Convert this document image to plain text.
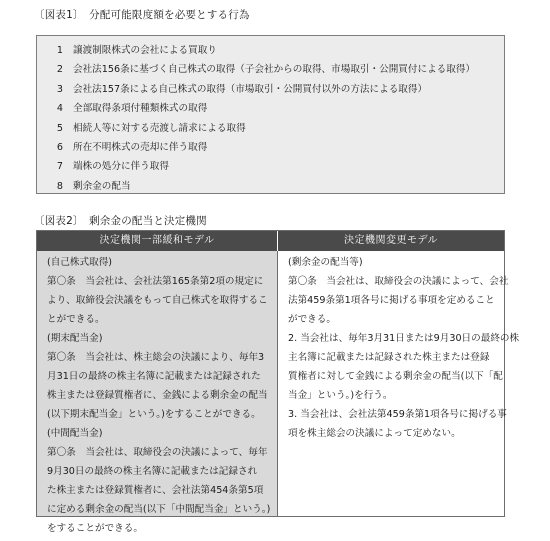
〔図表1〕　分配可能限度額を必要とする行為
1 譲渡制限株式の会社による買取り
2 会社法156条に基づく自己株式の取得（子会社からの取得、市場取引・公開買付による取得）
3 会社法157条による自己株式の取得（市場取引・公開買付以外の方法による取得）
4 全部取得条項付種類株式の取得
5 相続人等に対する売渡し請求による取得
6 所在不明株式の売却に伴う取得
7 端株の処分に伴う取得
8 剰余金の配当
〔図表2〕　剰余金の配当と決定機関
決定機関一部緩和モデル	決定機関変更モデル
(自己株式取得)
第〇条　当会社は、会社法第165条第2項の規定に
より、取締役会決議をもって自己株式を取得するこ
とができる。
(期末配当金)
第〇条　当会社は、株主総会の決議により、毎年3
月31日の最終の株主名簿に記載または記録された
株主または登録質権者に、金銭による剰余金の配当
(以下期末配当金」という。)をすることができる。
(中間配当金)
第〇条　当会社は、取締役会の決議によって、毎年
9月30日の最終の株主名簿に記載または記録され
た株主または登録質権者に、会社法第454条第5項
に定める剰余金の配当(以下「中間配当金」という。)
をすることができる。
(剰余金の配当等)
第〇条　当会社は、取締役会の決議によって、会社
法第459条第1項各号に掲げる事項を定めること
ができる。
2. 当会社は、毎年3月31日または9月30日の最終の株
主名簿に記載または記録された株主または登録
質権者に対して金銭による剰余金の配当(以下「配
当金」という。)を行う。
3. 当会社は、会社法第459条第1項各号に掲げる事
項を株主総会の決議によって定めない。
